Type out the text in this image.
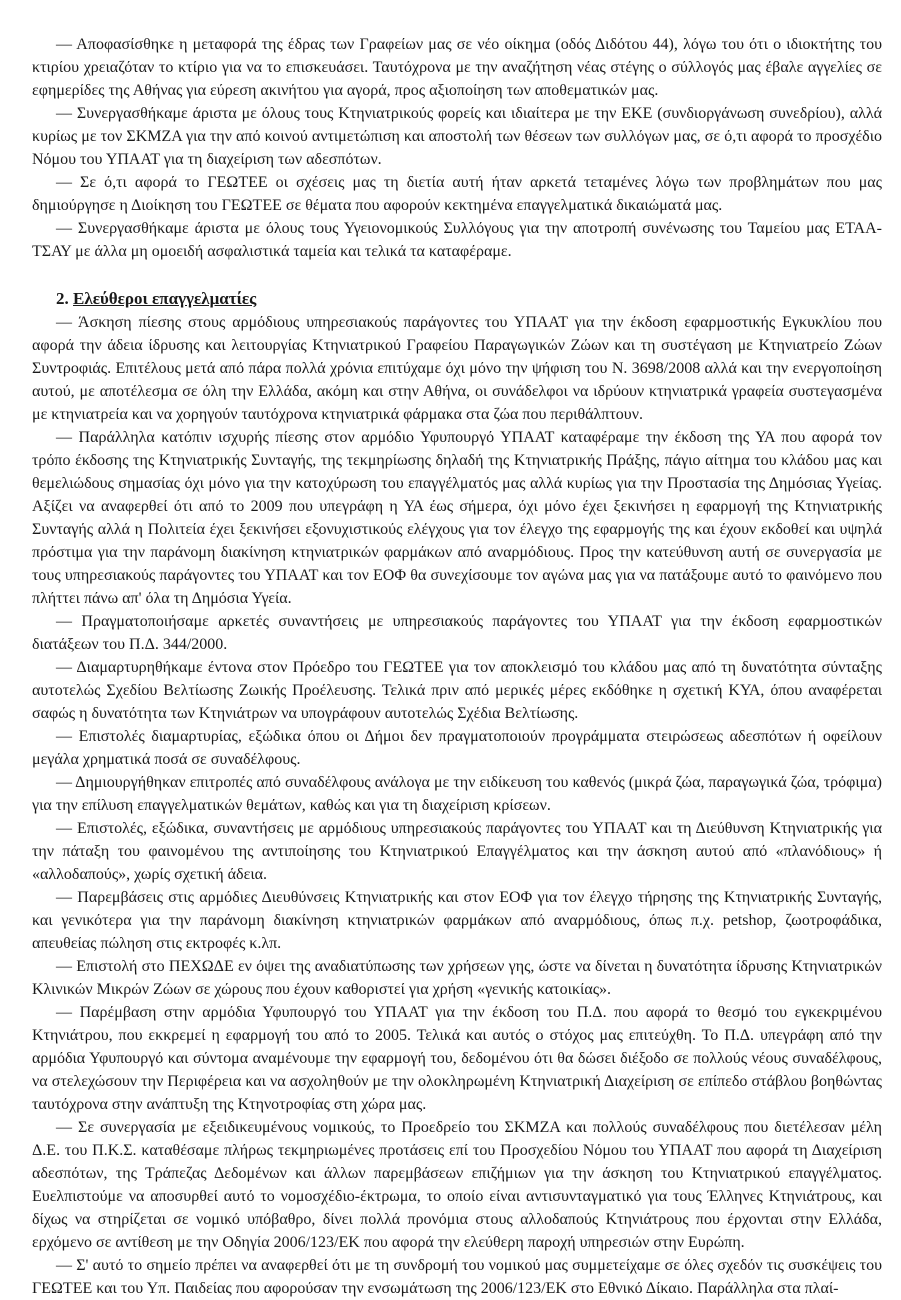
— Αποφασίσθηκε η μεταφορά της έδρας των Γραφείων μας σε νέο οίκημα (οδός Διδότου 44), λόγω του ότι ο ιδιοκτήτης του κτιρίου χρειαζόταν το κτίριο για να το επισκευάσει. Ταυτόχρονα με την αναζήτηση νέας στέγης ο σύλλογός μας έβαλε αγγελίες σε εφημερίδες της Αθήνας για εύρεση ακινήτου για αγορά, προς αξιοποίηση των αποθεματικών μας.

— Συνεργασθήκαμε άριστα με όλους τους Κτηνιατρικούς φορείς και ιδιαίτερα με την ΕΚΕ (συνδιοργάνωση συνεδρίου), αλλά κυρίως με τον ΣΚΜΖΑ για την από κοινού αντιμετώπιση και αποστολή των θέσεων των συλλόγων μας, σε ό,τι αφορά το προσχέδιο Νόμου του ΥΠΑΑΤ για τη διαχείριση των αδεσπότων.

— Σε ό,τι αφορά το ΓΕΩΤΕΕ οι σχέσεις μας τη διετία αυτή ήταν αρκετά τεταμένες λόγω των προβλημάτων που μας δημιούργησε η Διοίκηση του ΓΕΩΤΕΕ σε θέματα που αφορούν κεκτημένα επαγγελματικά δικαιώματά μας.

— Συνεργασθήκαμε άριστα με όλους τους Υγειονομικούς Συλλόγους για την αποτροπή συνένωσης του Ταμείου μας ΕΤΑΑ-ΤΣΑΥ με άλλα μη ομοειδή ασφαλιστικά ταμεία και τελικά τα καταφέραμε.

2. Ελεύθεροι επαγγελματίες

— Άσκηση πίεσης στους αρμόδιους υπηρεσιακούς παράγοντες του ΥΠΑΑΤ για την έκδοση εφαρμοστικής Εγκυκλίου που αφορά την άδεια ίδρυσης και λειτουργίας Κτηνιατρικού Γραφείου Παραγωγικών Ζώων και τη συστέγαση με Κτηνιατρείο Ζώων Συντροφιάς. Επιτέλους μετά από πάρα πολλά χρόνια επιτύχαμε όχι μόνο την ψήφιση του Ν. 3698/2008 αλλά και την ενεργοποίηση αυτού, με αποτέλεσμα σε όλη την Ελλάδα, ακόμη και στην Αθήνα, οι συνάδελφοι να ιδρύουν κτηνιατρικά γραφεία συστεγασμένα με κτηνιατρεία και να χορηγούν ταυτόχρονα κτηνιατρικά φάρμακα στα ζώα που περιθάλπτουν.

— Παράλληλα κατόπιν ισχυρής πίεσης στον αρμόδιο Υφυπουργό ΥΠΑΑΤ καταφέραμε την έκδοση της ΥΑ που αφορά τον τρόπο έκδοσης της Κτηνιατρικής Συνταγής, της τεκμηρίωσης δηλαδή της Κτηνιατρικής Πράξης, πάγιο αίτημα του κλάδου μας και θεμελιώδους σημασίας όχι μόνο για την κατοχύρωση του επαγγέλματός μας αλλά κυρίως για την Προστασία της Δημόσιας Υγείας. Αξίζει να αναφερθεί ότι από το 2009 που υπεγράφη η ΥΑ έως σήμερα, όχι μόνο έχει ξεκινήσει η εφαρμογή της Κτηνιατρικής Συνταγής αλλά η Πολιτεία έχει ξεκινήσει εξονυχιστικούς ελέγχους για τον έλεγχο της εφαρμογής της και έχουν εκδοθεί και υψηλά πρόστιμα για την παράνομη διακίνηση κτηνιατρικών φαρμάκων από αναρμόδιους. Προς την κατεύθυνση αυτή σε συνεργασία με τους υπηρεσιακούς παράγοντες του ΥΠΑΑΤ και τον ΕΟΦ θα συνεχίσουμε τον αγώνα μας για να πατάξουμε αυτό το φαινόμενο που πλήττει πάνω απ' όλα τη Δημόσια Υγεία.

— Πραγματοποιήσαμε αρκετές συναντήσεις με υπηρεσιακούς παράγοντες του ΥΠΑΑΤ για την έκδοση εφαρμοστικών διατάξεων του Π.Δ. 344/2000.

— Διαμαρτυρηθήκαμε έντονα στον Πρόεδρο του ΓΕΩΤΕΕ για τον αποκλεισμό του κλάδου μας από τη δυνατότητα σύνταξης αυτοτελώς Σχεδίου Βελτίωσης Ζωικής Προέλευσης. Τελικά πριν από μερικές μέρες εκδόθηκε η σχετική ΚΥΑ, όπου αναφέρεται σαφώς η δυνατότητα των Κτηνιάτρων να υπογράφουν αυτοτελώς Σχέδια Βελτίωσης.

— Επιστολές διαμαρτυρίας, εξώδικα όπου οι Δήμοι δεν πραγματοποιούν προγράμματα στειρώσεως αδεσπότων ή οφείλουν μεγάλα χρηματικά ποσά σε συναδέλφους.

— Δημιουργήθηκαν επιτροπές από συναδέλφους ανάλογα με την ειδίκευση του καθενός (μικρά ζώα, παραγωγικά ζώα, τρόφιμα) για την επίλυση επαγγελματικών θεμάτων, καθώς και για τη διαχείριση κρίσεων.

— Επιστολές, εξώδικα, συναντήσεις με αρμόδιους υπηρεσιακούς παράγοντες του ΥΠΑΑΤ και τη Διεύθυνση Κτηνιατρικής για την πάταξη του φαινομένου της αντιποίησης του Κτηνιατρικού Επαγγέλματος και την άσκηση αυτού από «πλανόδιους» ή «αλλοδαπούς», χωρίς σχετική άδεια.

— Παρεμβάσεις στις αρμόδιες Διευθύνσεις Κτηνιατρικής και στον ΕΟΦ για τον έλεγχο τήρησης της Κτηνιατρικής Συνταγής, και γενικότερα για την παράνομη διακίνηση κτηνιατρικών φαρμάκων από αναρμόδιους, όπως π.χ. petshop, ζωοτροφάδικα, απευθείας πώληση στις εκτροφές κ.λπ.

— Επιστολή στο ΠΕΧΩΔΕ εν όψει της αναδιατύπωσης των χρήσεων γης, ώστε να δίνεται η δυνατότητα ίδρυσης Κτηνιατρικών Κλινικών Μικρών Ζώων σε χώρους που έχουν καθοριστεί για χρήση «γενικής κατοικίας».

— Παρέμβαση στην αρμόδια Υφυπουργό του ΥΠΑΑΤ για την έκδοση του Π.Δ. που αφορά το θεσμό του εγκεκριμένου Κτηνιάτρου, που εκκρεμεί η εφαρμογή του από το 2005. Τελικά και αυτός ο στόχος μας επιτεύχθη. Το Π.Δ. υπεγράφη από την αρμόδια Υφυπουργό και σύντομα αναμένουμε την εφαρμογή του, δεδομένου ότι θα δώσει διέξοδο σε πολλούς νέους συναδέλφους, να στελεχώσουν την Περιφέρεια και να ασχοληθούν με την ολοκληρωμένη Κτηνιατρική Διαχείριση σε επίπεδο στάβλου βοηθώντας ταυτόχρονα στην ανάπτυξη της Κτηνοτροφίας στη χώρα μας.

— Σε συνεργασία με εξειδικευμένους νομικούς, το Προεδρείο του ΣΚΜΖΑ και πολλούς συναδέλφους που διετέλεσαν μέλη Δ.Ε. του Π.Κ.Σ. καταθέσαμε πλήρως τεκμηριωμένες προτάσεις επί του Προσχεδίου Νόμου του ΥΠΑΑΤ που αφορά τη Διαχείριση αδεσπότων, της Τράπεζας Δεδομένων και άλλων παρεμβάσεων επιζήμιων για την άσκηση του Κτηνιατρικού επαγγέλματος. Ευελπιστούμε να αποσυρθεί αυτό το νομοσχέδιο-έκτρωμα, το οποίο είναι αντισυνταγματικό για τους Έλληνες Κτηνιάτρους, και δίχως να στηρίζεται σε νομικό υπόβαθρο, δίνει πολλά προνόμια στους αλλοδαπούς Κτηνιάτρους που έρχονται στην Ελλάδα, ερχόμενο σε αντίθεση με την Οδηγία 2006/123/ΕΚ που αφορά την ελεύθερη παροχή υπηρεσιών στην Ευρώπη.

— Σ' αυτό το σημείο πρέπει να αναφερθεί ότι με τη συνδρομή του νομικού μας συμμετείχαμε σε όλες σχεδόν τις συσκέψεις του ΓΕΩΤΕΕ και του Υπ. Παιδείας που αφορούσαν την ενσωμάτωση της 2006/123/ΕΚ στο Εθνικό Δίκαιο. Παράλληλα στα πλαί-
